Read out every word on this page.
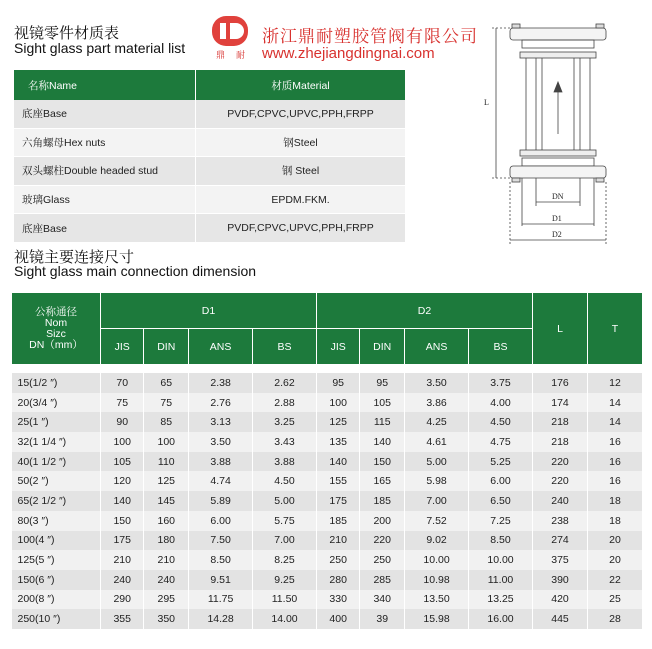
视镜零件材质表
Sight glass part material list	鼎 耐
浙江鼎耐塑胶管阀有限公司
www.zhejiangdingnai.com
名称Name	材质Material
底座Base	PVDF,CPVC,UPVC,PPH,FRPP
六角螺母Hex nuts	钢Steel
双头螺柱Double headed stud	钢 Steel
玻璃Glass	EPDM.FKM.
底座Base	PVDF,CPVC,UPVC,PPH,FRPP
DN
D1
D2
L
视镜主要连接尺寸
Sight glass main connection dimension
公称通径
Nom
Sizc
DN（mm）	D1				D2				L	T
	JIS	DIN	ANS	BS	JIS	DIN	ANS	BS		

15(1/2 ″)	70	65	2.38	2.62	95	95	3.50	3.75	176	12
20(3/4 ″)	75	75	2.76	2.88	100	105	3.86	4.00	174	14
25(1 ″)	90	85	3.13	3.25	125	115	4.25	4.50	218	14
32(1 1/4 ″)	100	100	3.50	3.43	135	140	4.61	4.75	218	16
40(1 1/2 ″)	105	110	3.88	3.88	140	150	5.00	5.25	220	16
50(2 ″)	120	125	4.74	4.50	155	165	5.98	6.00	220	16
65(2 1/2 ″)	140	145	5.89	5.00	175	185	7.00	6.50	240	18
80(3 ″)	150	160	6.00	5.75	185	200	7.52	7.25	238	18
100(4 ″)	175	180	7.50	7.00	210	220	9.02	8.50	274	20
125(5 ″)	210	210	8.50	8.25	250	250	10.00	10.00	375	20
150(6 ″)	240	240	9.51	9.25	280	285	10.98	11.00	390	22
200(8 ″)	290	295	11.75	11.50	330	340	13.50	13.25	420	25
250(10 ″)	355	350	14.28	14.00	400	39	15.98	16.00	445	28
